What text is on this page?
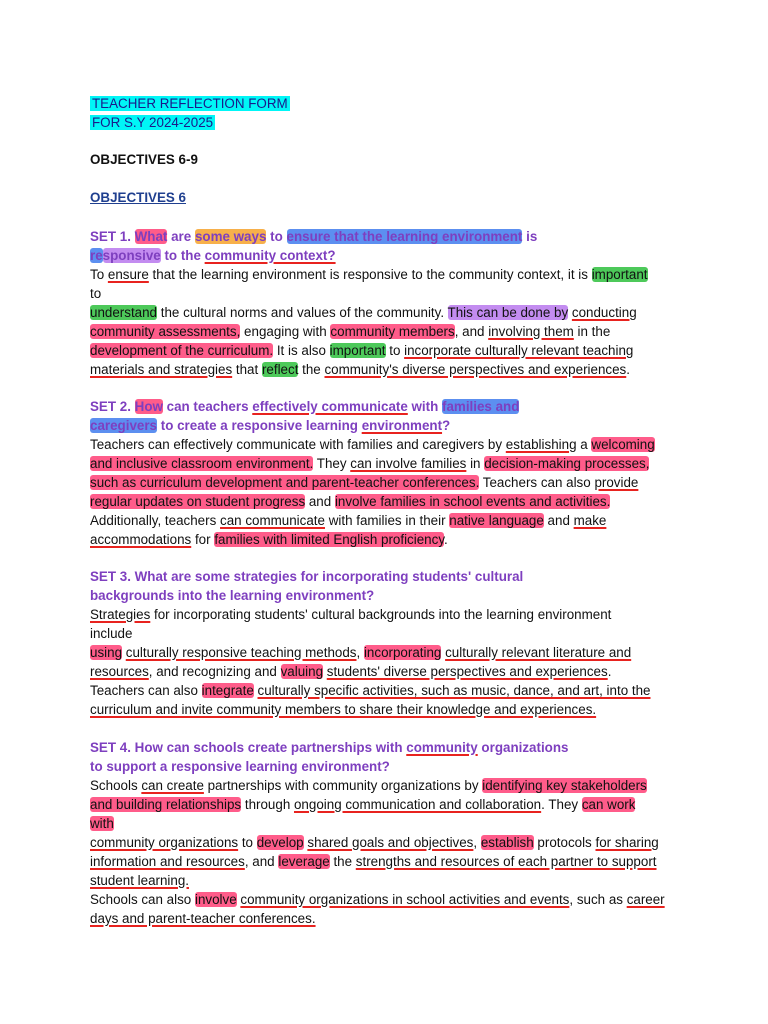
TEACHER REFLECTION FORM
FOR S.Y 2024-2025
OBJECTIVES 6-9
OBJECTIVES 6
SET 1. What are some ways to ensure that the learning environment is
responsive to the community context?
To ensure that the learning environment is responsive to the community context, it is important
to
understand the cultural norms and values of the community. This can be done by conducting
community assessments, engaging with community members, and involving them in the
development of the curriculum. It is also important to incorporate culturally relevant teaching
materials and strategies that reflect the community's diverse perspectives and experiences.
SET 2. How can teachers effectively communicate with families and
caregivers to create a responsive learning environment?
Teachers can effectively communicate with families and caregivers by establishing a welcoming
and inclusive classroom environment. They can involve families in decision-making processes,
such as curriculum development and parent-teacher conferences. Teachers can also provide
regular updates on student progress and involve families in school events and activities.
Additionally, teachers can communicate with families in their native language and make
accommodations for families with limited English proficiency.
SET 3. What are some strategies for incorporating students' cultural
backgrounds into the learning environment?
Strategies for incorporating students' cultural backgrounds into the learning environment
include
using culturally responsive teaching methods, incorporating culturally relevant literature and
resources, and recognizing and valuing students' diverse perspectives and experiences.
Teachers can also integrate culturally specific activities, such as music, dance, and art, into the
curriculum and invite community members to share their knowledge and experiences.
SET 4. How can schools create partnerships with community organizations
to support a responsive learning environment?
Schools can create partnerships with community organizations by identifying key stakeholders
and building relationships through ongoing communication and collaboration. They can work
with
community organizations to develop shared goals and objectives, establish protocols for sharing
information and resources, and leverage the strengths and resources of each partner to support
student learning.
Schools can also involve community organizations in school activities and events, such as career
days and parent-teacher conferences.
